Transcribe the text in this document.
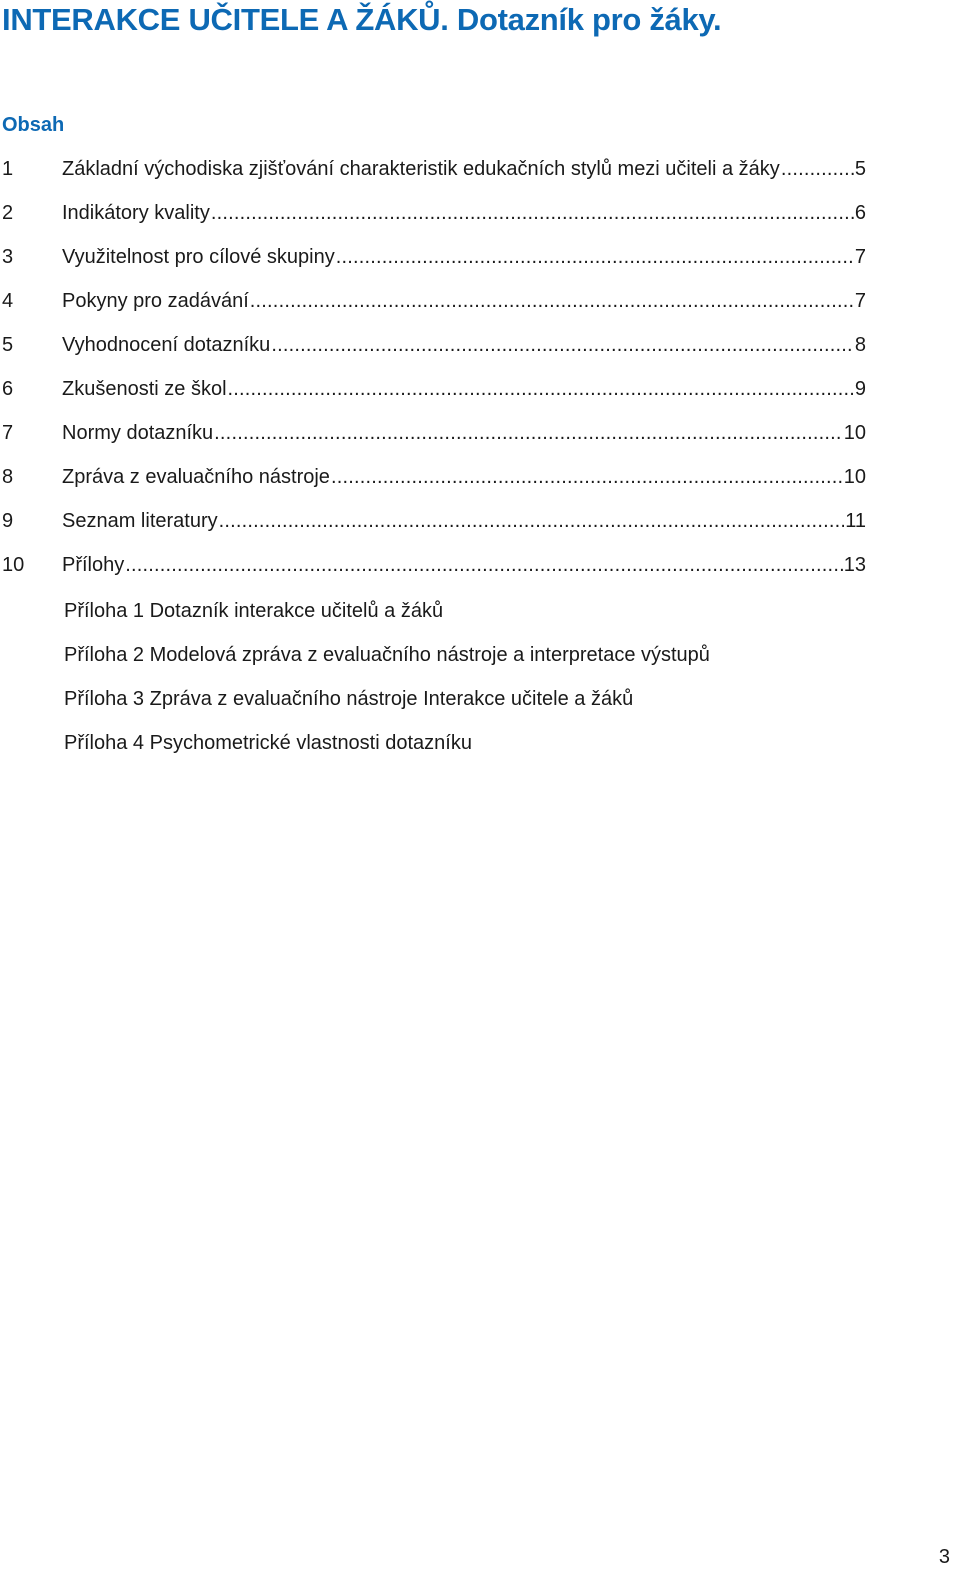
INTERAKCE UČITELE A ŽÁKŮ. Dotazník pro žáky.
Obsah
1	Základní východiska zjišťování charakteristik edukačních stylů mezi učiteli a žáky .....	5
2	Indikátory kvality .....	6
3	Využitelnost pro cílové skupiny .....	7
4	Pokyny pro zadávání .....	7
5	Vyhodnocení dotazníku .....	8
6	Zkušenosti ze škol .....	9
7	Normy dotazníku .....	10
8	Zpráva z evaluačního nástroje .....	10
9	Seznam literatury .....	11
10	Přílohy .....	13
Příloha 1 Dotazník interakce učitelů a žáků
Příloha 2 Modelová zpráva z evaluačního nástroje a interpretace výstupů
Příloha 3 Zpráva z evaluačního nástroje Interakce učitele a žáků
Příloha 4 Psychometrické vlastnosti dotazníku
3
